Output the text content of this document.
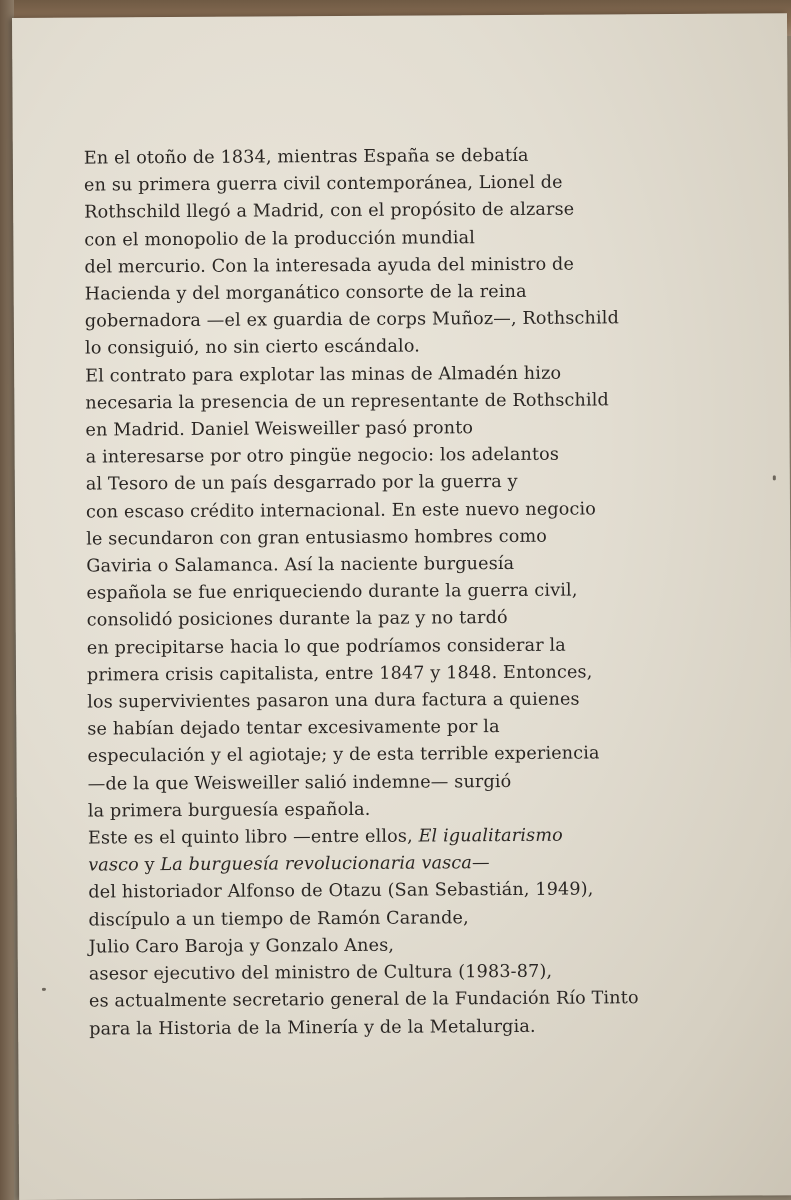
En el otoño de 1834, mientras España se debatía
en su primera guerra civil contemporánea, Lionel de
Rothschild llegó a Madrid, con el propósito de alzarse
con el monopolio de la producción mundial
del mercurio. Con la interesada ayuda del ministro de
Hacienda y del morganático consorte de la reina
gobernadora —el ex guardia de corps Muñoz—, Rothschild
lo consiguió, no sin cierto escándalo.
El contrato para explotar las minas de Almadén hizo
necesaria la presencia de un representante de Rothschild
en Madrid. Daniel Weisweiller pasó pronto
a interesarse por otro pingüe negocio: los adelantos
al Tesoro de un país desgarrado por la guerra y
con escaso crédito internacional. En este nuevo negocio
le secundaron con gran entusiasmo hombres como
Gaviria o Salamanca. Así la naciente burguesía
española se fue enriqueciendo durante la guerra civil,
consolidó posiciones durante la paz y no tardó
en precipitarse hacia lo que podríamos considerar la
primera crisis capitalista, entre 1847 y 1848. Entonces,
los supervivientes pasaron una dura factura a quienes
se habían dejado tentar excesivamente por la
especulación y el agiotaje; y de esta terrible experiencia
—de la que Weisweiller salió indemne— surgió
la primera burguesía española.
Este es el quinto libro —entre ellos, El igualitarismo
vasco y La burguesía revolucionaria vasca—
del historiador Alfonso de Otazu (San Sebastián, 1949),
discípulo a un tiempo de Ramón Carande,
Julio Caro Baroja y Gonzalo Anes,
asesor ejecutivo del ministro de Cultura (1983-87),
es actualmente secretario general de la Fundación Río Tinto
para la Historia de la Minería y de la Metalurgia.
